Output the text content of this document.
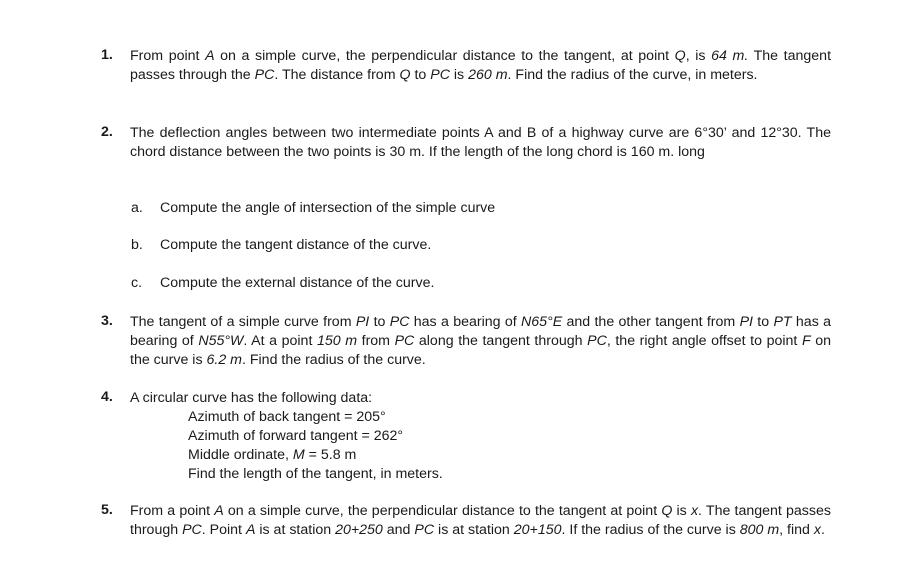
1. From point A on a simple curve, the perpendicular distance to the tangent, at point Q, is 64 m. The tangent passes through the PC. The distance from Q to PC is 260 m. Find the radius of the curve, in meters.
2. The deflection angles between two intermediate points A and B of a highway curve are 6°30’ and 12°30. The chord distance between the two points is 30 m. If the length of the long chord is 160 m. long
a. Compute the angle of intersection of the simple curve
b. Compute the tangent distance of the curve.
c. Compute the external distance of the curve.
3. The tangent of a simple curve from PI to PC has a bearing of N65°E and the other tangent from PI to PT has a bearing of N55°W. At a point 150 m from PC along the tangent through PC, the right angle offset to point F on the curve is 6.2 m. Find the radius of the curve.
4. A circular curve has the following data:
Azimuth of back tangent = 205°
Azimuth of forward tangent = 262°
Middle ordinate, M = 5.8 m
Find the length of the tangent, in meters.
5. From a point A on a simple curve, the perpendicular distance to the tangent at point Q is x. The tangent passes through PC. Point A is at station 20+250 and PC is at station 20+150. If the radius of the curve is 800 m, find x.
